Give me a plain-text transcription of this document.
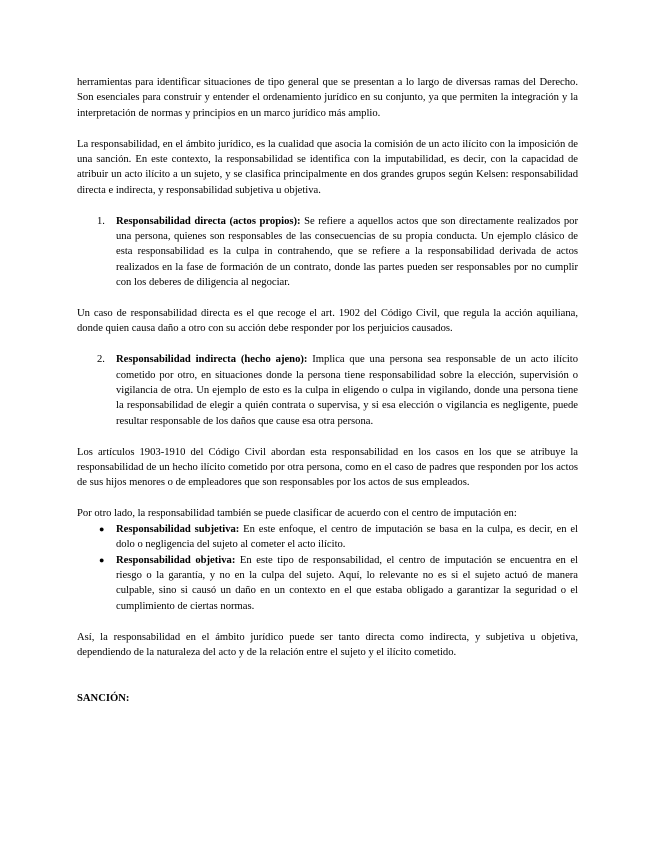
herramientas para identificar situaciones de tipo general que se presentan a lo largo de diversas ramas del Derecho. Son esenciales para construir y entender el ordenamiento jurídico en su conjunto, ya que permiten la integración y la interpretación de normas y principios en un marco jurídico más amplio.

La responsabilidad, en el ámbito jurídico, es la cualidad que asocia la comisión de un acto ilícito con la imposición de una sanción. En este contexto, la responsabilidad se identifica con la imputabilidad, es decir, con la capacidad de atribuir un acto ilícito a un sujeto, y se clasifica principalmente en dos grandes grupos según Kelsen: responsabilidad directa e indirecta, y responsabilidad subjetiva u objetiva.

1. Responsabilidad directa (actos propios): Se refiere a aquellos actos que son directamente realizados por una persona, quienes son responsables de las consecuencias de su propia conducta. Un ejemplo clásico de esta responsabilidad es la culpa in contrahendo, que se refiere a la responsabilidad derivada de actos realizados en la fase de formación de un contrato, donde las partes pueden ser responsables por no cumplir con los deberes de diligencia al negociar.

Un caso de responsabilidad directa es el que recoge el art. 1902 del Código Civil, que regula la acción aquiliana, donde quien causa daño a otro con su acción debe responder por los perjuicios causados.

2. Responsabilidad indirecta (hecho ajeno): Implica que una persona sea responsable de un acto ilícito cometido por otro, en situaciones donde la persona tiene responsabilidad sobre la elección, supervisión o vigilancia de otra. Un ejemplo de esto es la culpa in eligendo o culpa in vigilando, donde una persona tiene la responsabilidad de elegir a quién contrata o supervisa, y si esa elección o vigilancia es negligente, puede resultar responsable de los daños que cause esa otra persona.

Los artículos 1903-1910 del Código Civil abordan esta responsabilidad en los casos en los que se atribuye la responsabilidad de un hecho ilícito cometido por otra persona, como en el caso de padres que responden por los actos de sus hijos menores o de empleadores que son responsables por los actos de sus empleados.

Por otro lado, la responsabilidad también se puede clasificar de acuerdo con el centro de imputación en:

● Responsabilidad subjetiva: En este enfoque, el centro de imputación se basa en la culpa, es decir, en el dolo o negligencia del sujeto al cometer el acto ilícito.

● Responsabilidad objetiva: En este tipo de responsabilidad, el centro de imputación se encuentra en el riesgo o la garantía, y no en la culpa del sujeto. Aquí, lo relevante no es si el sujeto actuó de manera culpable, sino si causó un daño en un contexto en el que estaba obligado a garantizar la seguridad o el cumplimiento de ciertas normas.

Así, la responsabilidad en el ámbito jurídico puede ser tanto directa como indirecta, y subjetiva u objetiva, dependiendo de la naturaleza del acto y de la relación entre el sujeto y el ilícito cometido.

SANCIÓN:
